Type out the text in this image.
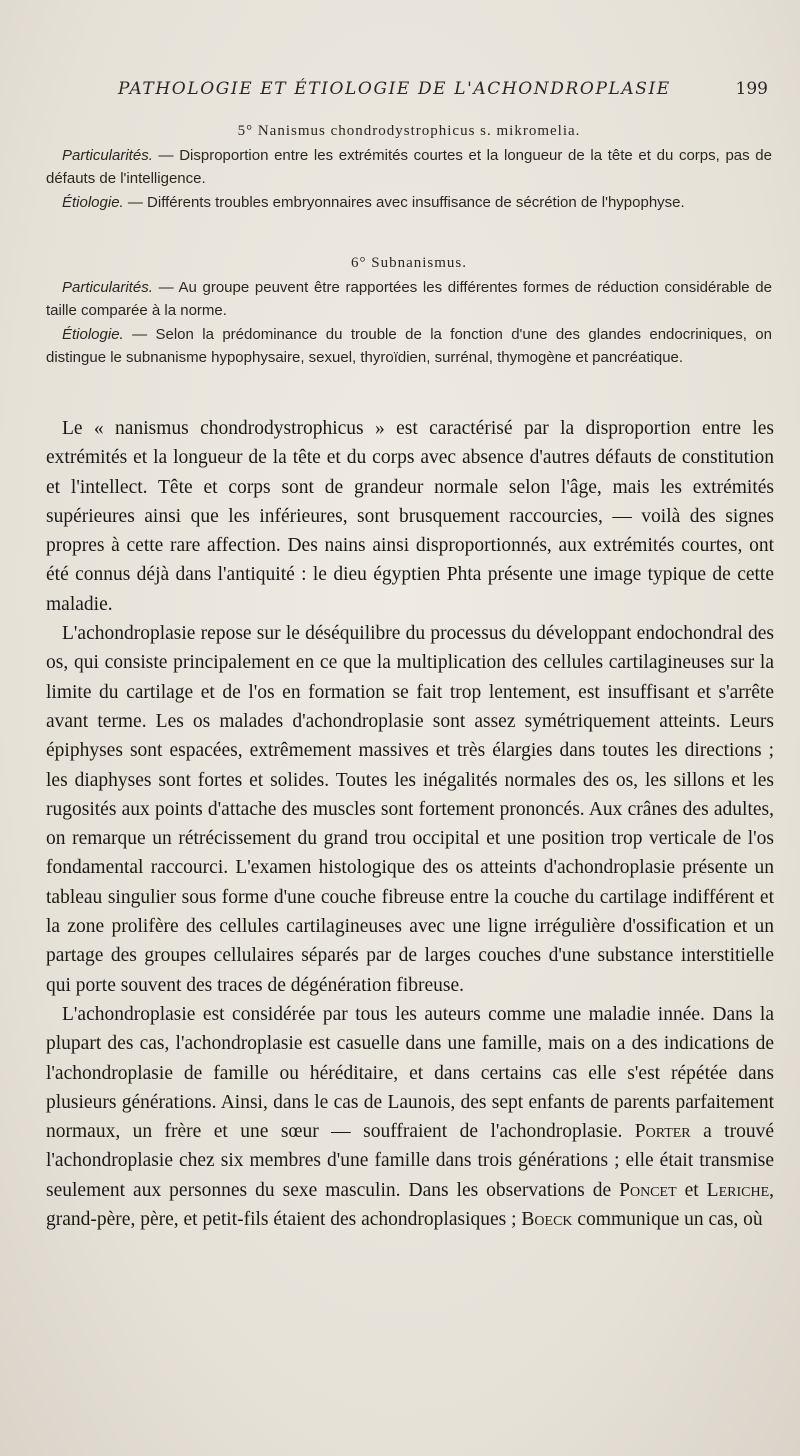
PATHOLOGIE ET ÉTIOLOGIE DE L'ACHONDROPLASIE	199

5° Nanismus chondrodystrophicus s. mikromelia.

Particularités. — Disproportion entre les extrémités courtes et la longueur de la tête et du corps, pas de défauts de l'intelligence.

Étiologie. — Différents troubles embryonnaires avec insuffisance de sécrétion de l'hypophyse.

6° Subnanismus.

Particularités. — Au groupe peuvent être rapportées les différentes formes de réduction considérable de taille comparée à la norme.

Étiologie. — Selon la prédominance du trouble de la fonction d'une des glandes endocriniques, on distingue le subnanisme hypophysaire, sexuel, thyroïdien, surrénal, thymogène et pancréatique.

Le « nanismus chondrodystrophicus » est caractérisé par la disproportion entre les extrémités et la longueur de la tête et du corps avec absence d'autres défauts de constitution et l'intellect. Tête et corps sont de grandeur normale selon l'âge, mais les extrémités supérieures ainsi que les inférieures, sont brusquement raccourcies, — voilà des signes propres à cette rare affection. Des nains ainsi disproportionnés, aux extrémités courtes, ont été connus déjà dans l'antiquité : le dieu égyptien Phta présente une image typique de cette maladie.

L'achondroplasie repose sur le déséquilibre du processus du développant endochondral des os, qui consiste principalement en ce que la multiplication des cellules cartilagineuses sur la limite du cartilage et de l'os en formation se fait trop lentement, est insuffisant et s'arrête avant terme. Les os malades d'achondroplasie sont assez symétriquement atteints. Leurs épiphyses sont espacées, extrêmement massives et très élargies dans toutes les directions ; les diaphyses sont fortes et solides. Toutes les inégalités normales des os, les sillons et les rugosités aux points d'attache des muscles sont fortement prononcés. Aux crânes des adultes, on remarque un rétrécissement du grand trou occipital et une position trop verticale de l'os fondamental raccourci. L'examen histologique des os atteints d'achondroplasie présente un tableau singulier sous forme d'une couche fibreuse entre la couche du cartilage indifférent et la zone prolifère des cellules cartilagineuses avec une ligne irrégulière d'ossification et un partage des groupes cellulaires séparés par de larges couches d'une substance interstitielle qui porte souvent des traces de dégénération fibreuse.

L'achondroplasie est considérée par tous les auteurs comme une maladie innée. Dans la plupart des cas, l'achondroplasie est casuelle dans une famille, mais on a des indications de l'achondroplasie de famille ou héréditaire, et dans certains cas elle s'est répétée dans plusieurs générations. Ainsi, dans le cas de Launois, des sept enfants de parents parfaitement normaux, un frère et une sœur — souffraient de l'achondroplasie. Porter a trouvé l'achondroplasie chez six membres d'une famille dans trois générations ; elle était transmise seulement aux personnes du sexe masculin. Dans les observations de Poncet et Leriche, grand-père, père, et petit-fils étaient des achondroplasiques ; Boeck communique un cas, où
